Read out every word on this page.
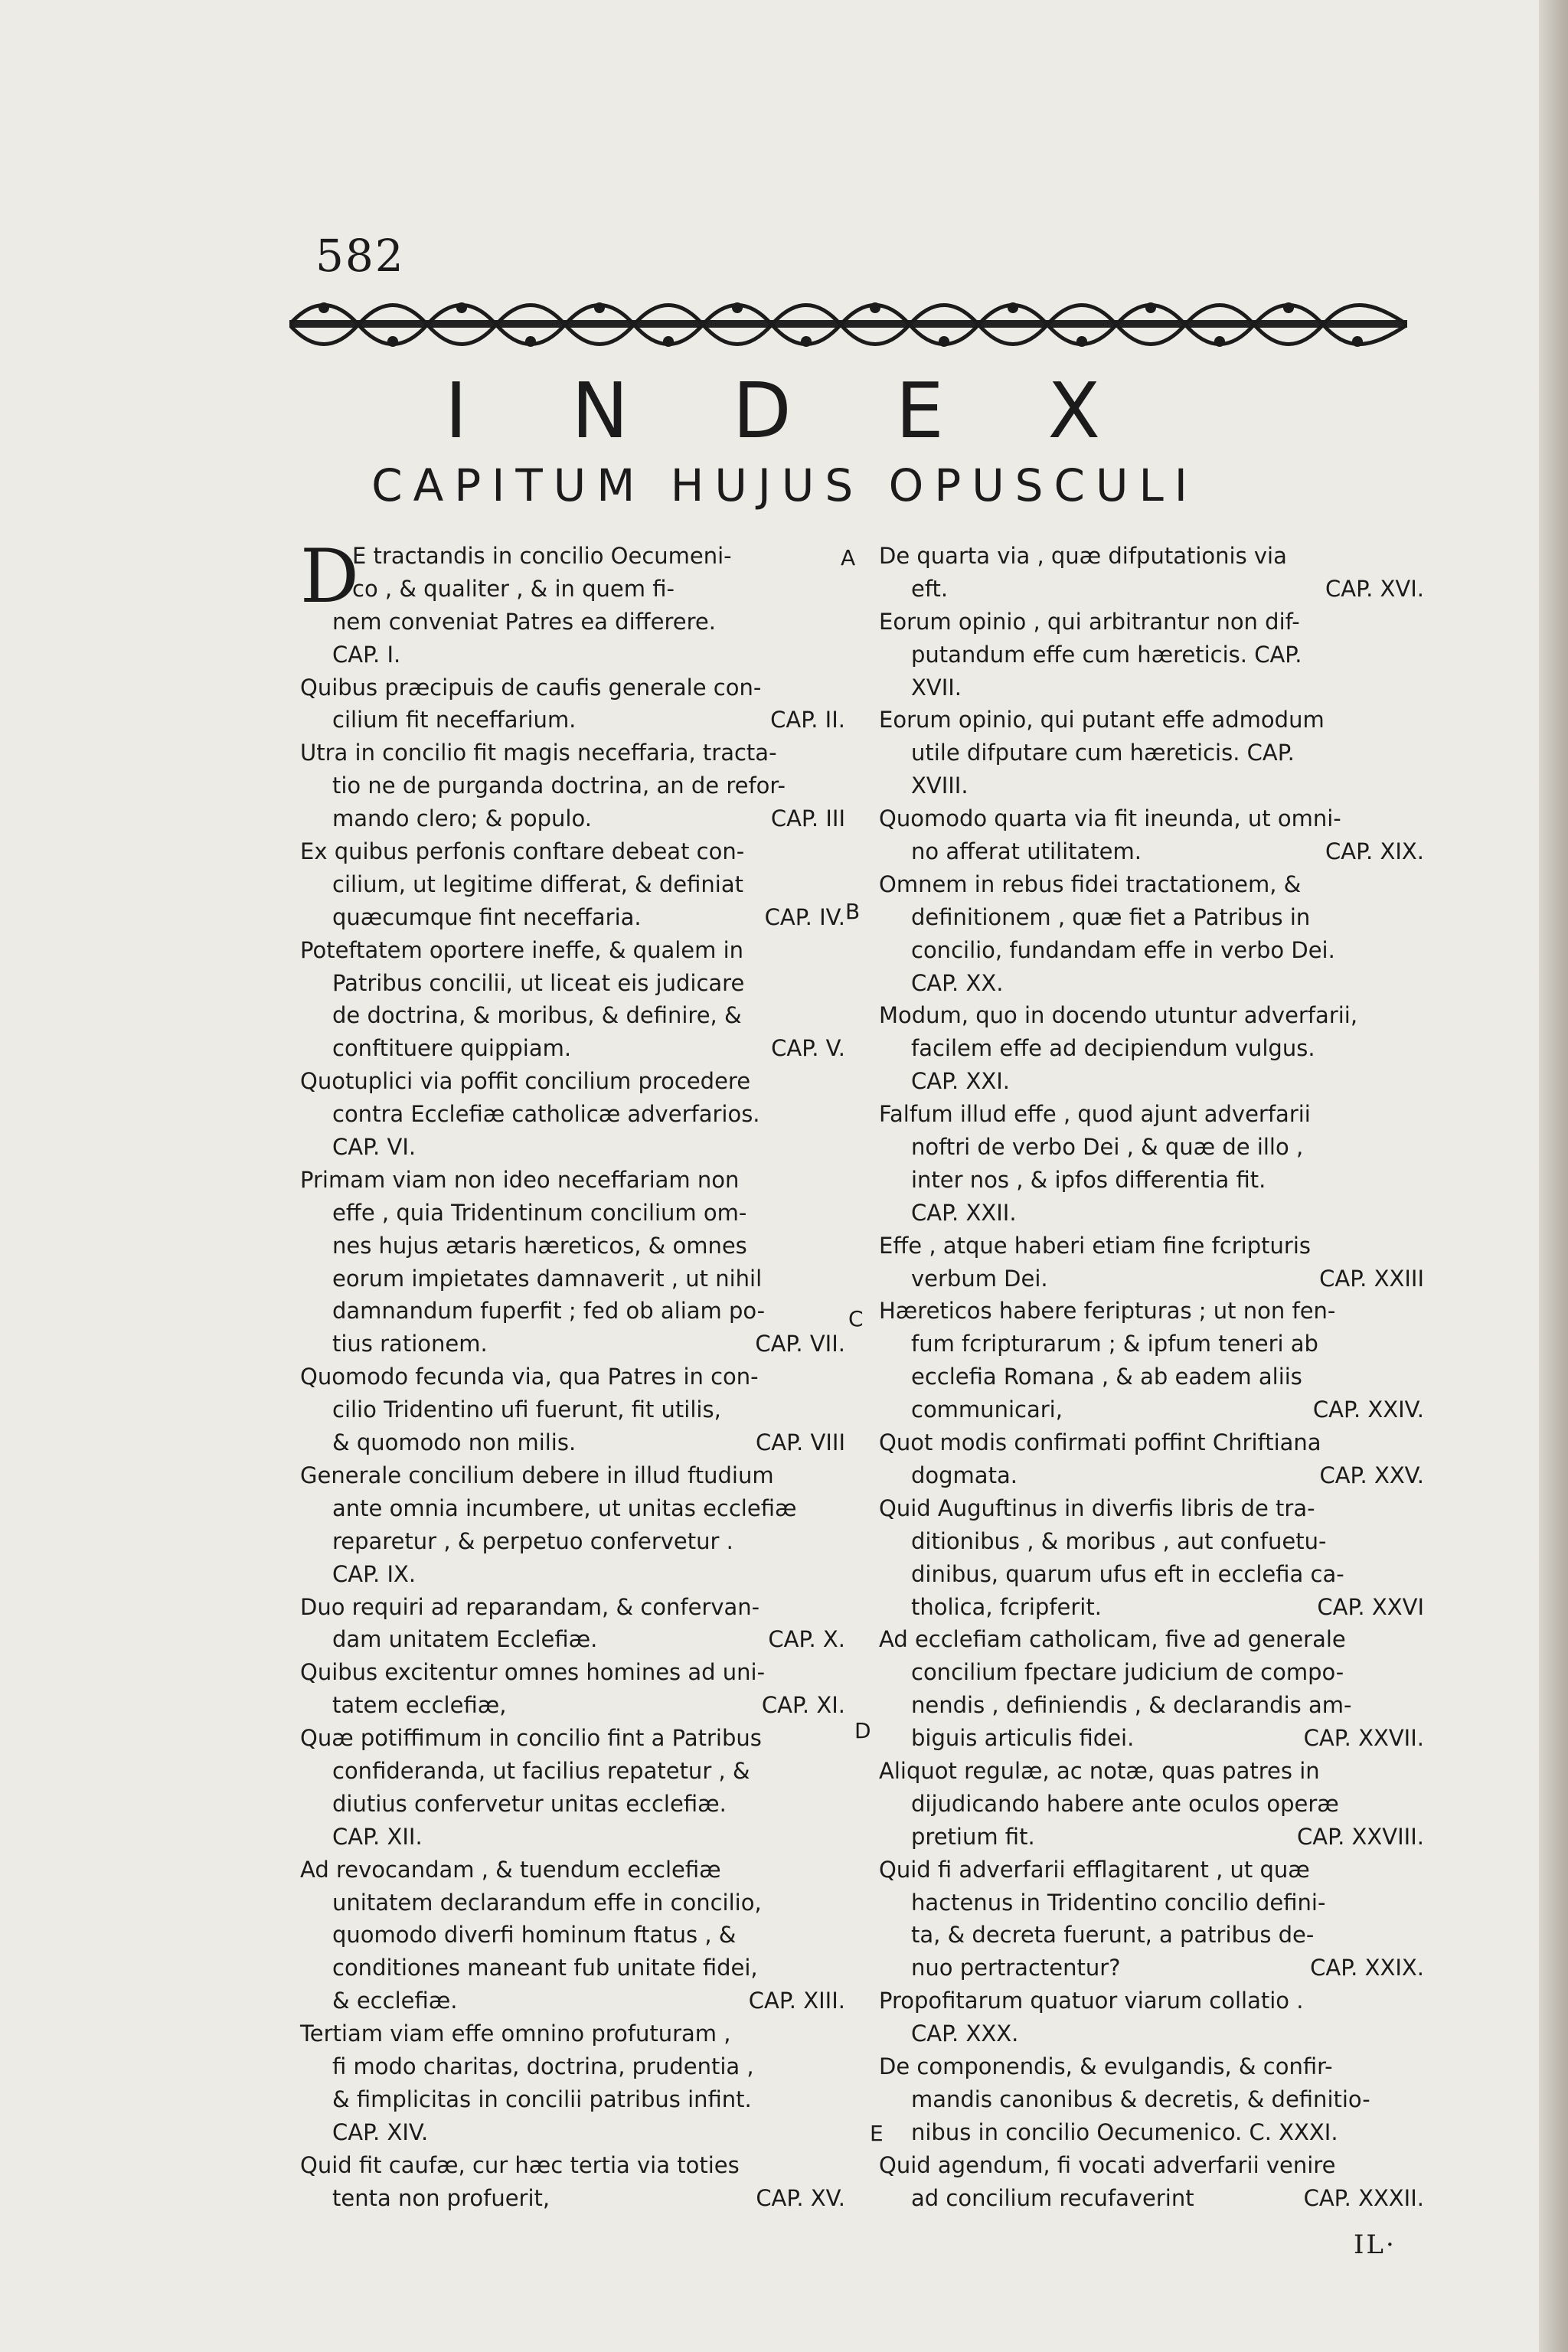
582
I N D E X
CAPITUM HUJUS OPUSCULI
D
E tractandis in concilio Oecumeni-
co , & qualiter , & in quem fi-
nem conveniat Patres ea differere.
CAP. I.
Quibus præcipuis de caufis generale con-
cilium fit neceffarium.	CAP. II.
Utra in concilio fit magis neceffaria, tracta-
tio ne de purganda doctrina, an de refor-
mando clero; & populo.	CAP. III
Ex quibus perfonis conftare debeat con-
cilium, ut legitime differat, & definiat
quæcumque fint neceffaria.	CAP. IV.
Poteftatem oportere ineffe, & qualem in
Patribus concilii, ut liceat eis judicare
de doctrina, & moribus, & definire, &
conftituere quippiam.	CAP. V.
Quotuplici via poffit concilium procedere
contra Ecclefiæ catholicæ adverfarios.
CAP. VI.
Primam viam non ideo neceffariam non
effe , quia Tridentinum concilium om-
nes hujus ætaris hæreticos, & omnes
eorum impietates damnaverit , ut nihil
damnandum fuperfit ; fed ob aliam po-
tius rationem.	CAP. VII.
Quomodo fecunda via, qua Patres in con-
cilio Tridentino ufi fuerunt, fit utilis,
& quomodo non milis.	CAP. VIII
Generale concilium debere in illud ftudium
ante omnia incumbere, ut unitas ecclefiæ
reparetur , & perpetuo confervetur .
CAP. IX.
Duo requiri ad reparandam, & confervan-
dam unitatem Ecclefiæ.	CAP. X.
Quibus excitentur omnes homines ad uni-
tatem ecclefiæ,	CAP. XI.
Quæ potiffimum in concilio fint a Patribus
confideranda, ut facilius repatetur , &
diutius confervetur unitas ecclefiæ.
CAP. XII.
Ad revocandam , & tuendum ecclefiæ
unitatem declarandum effe in concilio,
quomodo diverfi hominum ftatus , &
conditiones maneant fub unitate fidei,
& ecclefiæ.	CAP. XIII.
Tertiam viam effe omnino profuturam ,
fi modo charitas, doctrina, prudentia ,
& fimplicitas in concilii patribus infint.
CAP. XIV.
Quid fit caufæ, cur hæc tertia via toties
tenta non profuerit,	CAP. XV.
De quarta via , quæ difputationis via
eft.	CAP. XVI.
Eorum opinio , qui arbitrantur non dif-
putandum effe cum hæreticis. CAP.
XVII.
Eorum opinio, qui putant effe admodum
utile difputare cum hæreticis. CAP.
XVIII.
Quomodo quarta via fit ineunda, ut omni-
no afferat utilitatem.	CAP. XIX.
Omnem in rebus fidei tractationem, &
definitionem , quæ fiet a Patribus in
concilio, fundandam effe in verbo Dei.
CAP. XX.
Modum, quo in docendo utuntur adverfarii,
facilem effe ad decipiendum vulgus.
CAP. XXI.
Falfum illud effe , quod ajunt adverfarii
noftri de verbo Dei , & quæ de illo ,
inter nos , & ipfos differentia fit.
CAP. XXII.
Effe , atque haberi etiam fine fcripturis
verbum Dei.	CAP. XXIII
Hæreticos habere feripturas ; ut non fen-
fum fcripturarum ; & ipfum teneri ab
ecclefia Romana , & ab eadem aliis
communicari,	CAP. XXIV.
Quot modis confirmati poffint Chriftiana
dogmata.	CAP. XXV.
Quid Auguftinus in diverfis libris de tra-
ditionibus , & moribus , aut confuetu-
dinibus, quarum ufus eft in ecclefia ca-
tholica, fcripferit.	CAP. XXVI
Ad ecclefiam catholicam, five ad generale
concilium fpectare judicium de compo-
nendis , definiendis , & declarandis am-
biguis articulis fidei.	CAP. XXVII.
Aliquot regulæ, ac notæ, quas patres in
dijudicando habere ante oculos operæ
pretium fit.	CAP. XXVIII.
Quid fi adverfarii efflagitarent , ut quæ
hactenus in Tridentino concilio defini-
ta, & decreta fuerunt, a patribus de-
nuo pertractentur?	CAP. XXIX.
Propofitarum quatuor viarum collatio .
CAP. XXX.
De componendis, & evulgandis, & confir-
mandis canonibus & decretis, & definitio-
nibus in concilio Oecumenico. C. XXXI.
Quid agendum, fi vocati adverfarii venire
ad concilium recufaverint	CAP. XXXII.
A
B
C
D
E
IL·
